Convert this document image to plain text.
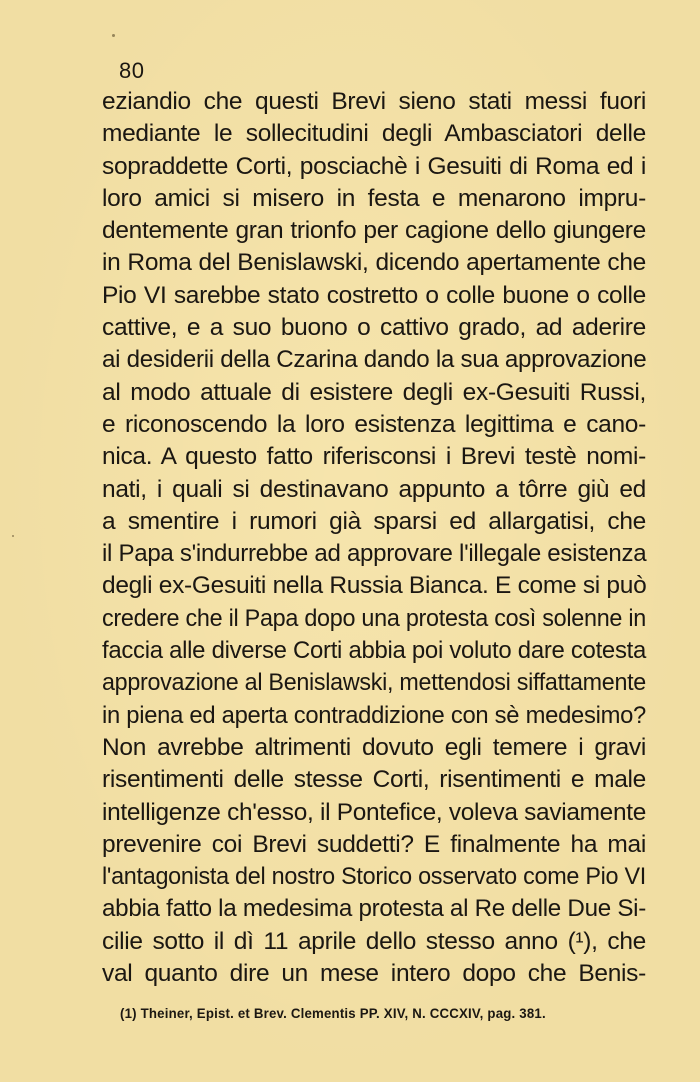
80
eziandio che questi Brevi sieno stati messi fuori
mediante le sollecitudini degli Ambasciatori delle
sopraddette Corti, posciachè i Gesuiti di Roma ed i
loro amici si misero in festa e menarono impru-
dentemente gran trionfo per cagione dello giungere
in Roma del Benislawski, dicendo apertamente che
Pio VI sarebbe stato costretto o colle buone o colle
cattive, e a suo buono o cattivo grado, ad aderire
ai desiderii della Czarina dando la sua approvazione
al modo attuale di esistere degli ex-Gesuiti Russi,
e riconoscendo la loro esistenza legittima e cano-
nica. A questo fatto riferisconsi i Brevi testè nomi-
nati, i quali si destinavano appunto a tôrre giù ed
a smentire i rumori già sparsi ed allargatisi, che
il Papa s'indurrebbe ad approvare l'illegale esistenza
degli ex-Gesuiti nella Russia Bianca. E come si può
credere che il Papa dopo una protesta così solenne in
faccia alle diverse Corti abbia poi voluto dare cotesta
approvazione al Benislawski, mettendosi siffattamente
in piena ed aperta contraddizione con sè medesimo?
Non avrebbe altrimenti dovuto egli temere i gravi
risentimenti delle stesse Corti, risentimenti e male
intelligenze ch'esso, il Pontefice, voleva saviamente
prevenire coi Brevi suddetti? E finalmente ha mai
l'antagonista del nostro Storico osservato come Pio VI
abbia fatto la medesima protesta al Re delle Due Si-
cilie sotto il dì 11 aprile dello stesso anno (¹), che
val quanto dire un mese intero dopo che Benis-
(1) Theiner, Epist. et Brev. Clementis PP. XIV, N. CCCXIV, pag. 381.
